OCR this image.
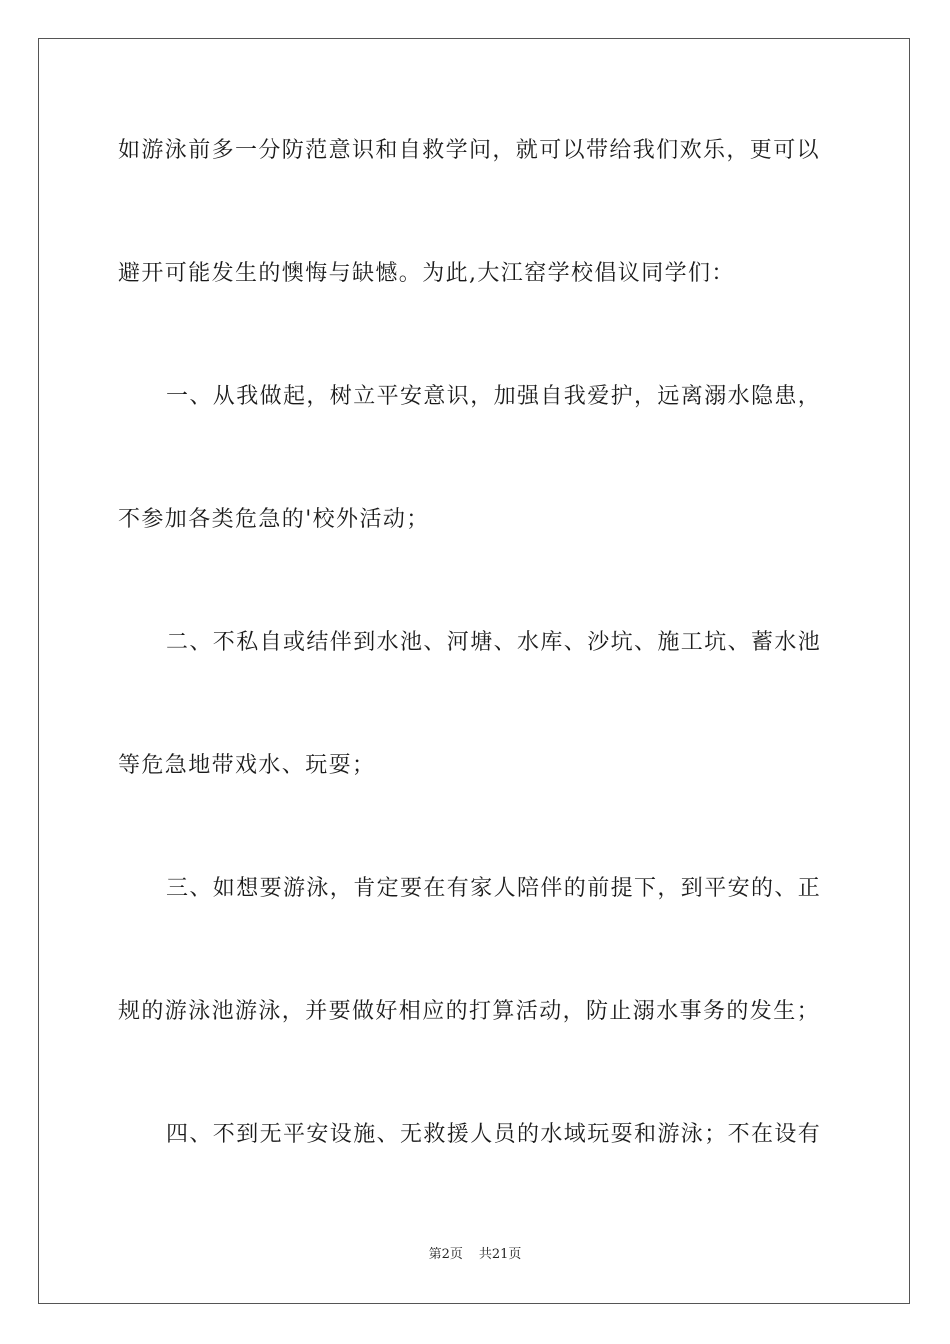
如游泳前多一分防范意识和自救学问，就可以带给我们欢乐，更可以
避开可能发生的懊悔与缺憾。为此,大江窑学校倡议同学们：
一、从我做起，树立平安意识，加强自我爱护，远离溺水隐患，
不参加各类危急的'校外活动；
二、不私自或结伴到水池、河塘、水库、沙坑、施工坑、蓄水池
等危急地带戏水、玩耍；
三、如想要游泳，肯定要在有家人陪伴的前提下，到平安的、正
规的游泳池游泳，并要做好相应的打算活动，防止溺水事务的发生；
四、不到无平安设施、无救援人员的水域玩耍和游泳；不在设有
第2页 共21页
